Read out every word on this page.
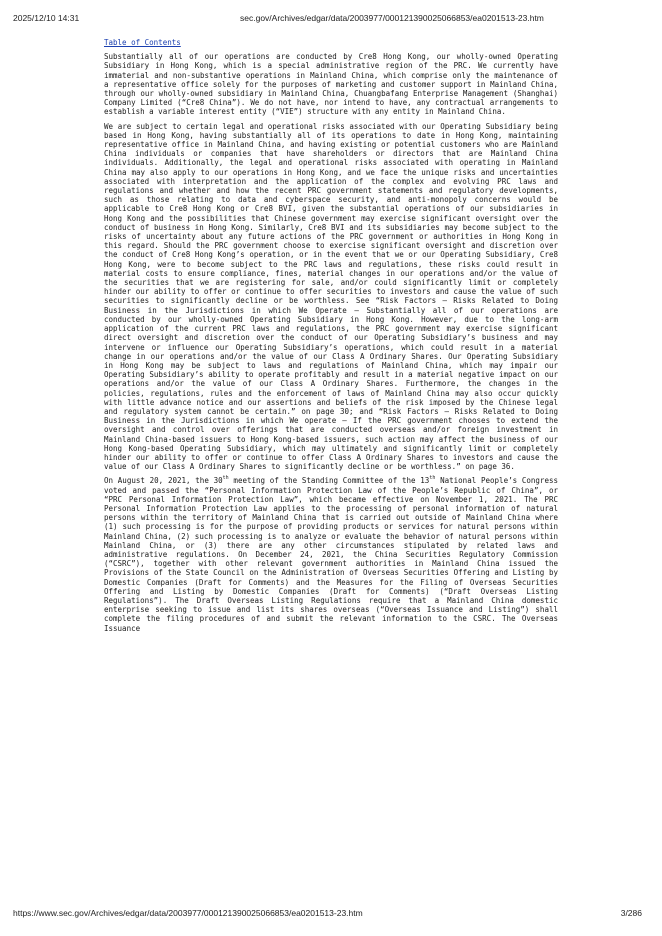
2025/12/10 14:31	sec.gov/Archives/edgar/data/2003977/000121390025066853/ea0201513-23.htm
Table of Contents

Substantially all of our operations are conducted by Cre8 Hong Kong, our wholly-owned Operating Subsidiary in Hong Kong, which is a special administrative region of the PRC. We currently have immaterial and non-substantive operations in Mainland China, which comprise only the maintenance of a representative office solely for the purposes of marketing and customer support in Mainland China, through our wholly-owned subsidiary in Mainland China, Chuangbafang Enterprise Management (Shanghai) Company Limited (“Cre8 China”). We do not have, nor intend to have, any contractual arrangements to establish a variable interest entity (“VIE”) structure with any entity in Mainland China.

We are subject to certain legal and operational risks associated with our Operating Subsidiary being based in Hong Kong, having substantially all of its operations to date in Hong Kong, maintaining representative office in Mainland China, and having existing or potential customers who are Mainland China individuals or companies that have shareholders or directors that are Mainland China individuals. Additionally, the legal and operational risks associated with operating in Mainland China may also apply to our operations in Hong Kong, and we face the unique risks and uncertainties associated with interpretation and the application of the complex and evolving PRC laws and regulations and whether and how the recent PRC government statements and regulatory developments, such as those relating to data and cyberspace security, and anti-monopoly concerns would be applicable to Cre8 Hong Kong or Cre8 BVI, given the substantial operations of our subsidiaries in Hong Kong and the possibilities that Chinese government may exercise significant oversight over the conduct of business in Hong Kong. Similarly, Cre8 BVI and its subsidiaries may become subject to the risks of uncertainty about any future actions of the PRC government or authorities in Hong Kong in this regard. Should the PRC government choose to exercise significant oversight and discretion over the conduct of Cre8 Hong Kong’s operation, or in the event that we or our Operating Subsidiary, Cre8 Hong Kong, were to become subject to the PRC laws and regulations, these risks could result in material costs to ensure compliance, fines, material changes in our operations and/or the value of the securities that we are registering for sale, and/or could significantly limit or completely hinder our ability to offer or continue to offer securities to investors and cause the value of such securities to significantly decline or be worthless. See “Risk Factors — Risks Related to Doing Business in the Jurisdictions in which We Operate — Substantially all of our operations are conducted by our wholly-owned Operating Subsidiary in Hong Kong. However, due to the long-arm application of the current PRC laws and regulations, the PRC government may exercise significant direct oversight and discretion over the conduct of our Operating Subsidiary’s business and may intervene or influence our Operating Subsidiary’s operations, which could result in a material change in our operations and/or the value of our Class A Ordinary Shares. Our Operating Subsidiary in Hong Kong may be subject to laws and regulations of Mainland China, which may impair our Operating Subsidiary’s ability to operate profitably and result in a material negative impact on our operations and/or the value of our Class A Ordinary Shares. Furthermore, the changes in the policies, regulations, rules and the enforcement of laws of Mainland China may also occur quickly with little advance notice and our assertions and beliefs of the risk imposed by the Chinese legal and regulatory system cannot be certain.” on page 30; and “Risk Factors — Risks Related to Doing Business in the Jurisdictions in which We operate — If the PRC government chooses to extend the oversight and control over offerings that are conducted overseas and/or foreign investment in Mainland China-based issuers to Hong Kong-based issuers, such action may affect the business of our Hong Kong-based Operating Subsidiary, which may ultimately and significantly limit or completely hinder our ability to offer or continue to offer Class A Ordinary Shares to investors and cause the value of our Class A Ordinary Shares to significantly decline or be worthless.” on page 36.

On August 20, 2021, the 30th meeting of the Standing Committee of the 13th National People’s Congress voted and passed the “Personal Information Protection Law of the People’s Republic of China”, or “PRC Personal Information Protection Law”, which became effective on November 1, 2021. The PRC Personal Information Protection Law applies to the processing of personal information of natural persons within the territory of Mainland China that is carried out outside of Mainland China where (1) such processing is for the purpose of providing products or services for natural persons within Mainland China, (2) such processing is to analyze or evaluate the behavior of natural persons within Mainland China, or (3) there are any other circumstances stipulated by related laws and administrative regulations. On December 24, 2021, the China Securities Regulatory Commission (“CSRC”), together with other relevant government authorities in Mainland China issued the Provisions of the State Council on the Administration of Overseas Securities Offering and Listing by Domestic Companies (Draft for Comments) and the Measures for the Filing of Overseas Securities Offering and Listing by Domestic Companies (Draft for Comments) (“Draft Overseas Listing Regulations”). The Draft Overseas Listing Regulations require that a Mainland China domestic enterprise seeking to issue and list its shares overseas (“Overseas Issuance and Listing”) shall complete the filing procedures of and submit the relevant information to the CSRC. The Overseas Issuance

https://www.sec.gov/Archives/edgar/data/2003977/000121390025066853/ea0201513-23.htm	3/286
